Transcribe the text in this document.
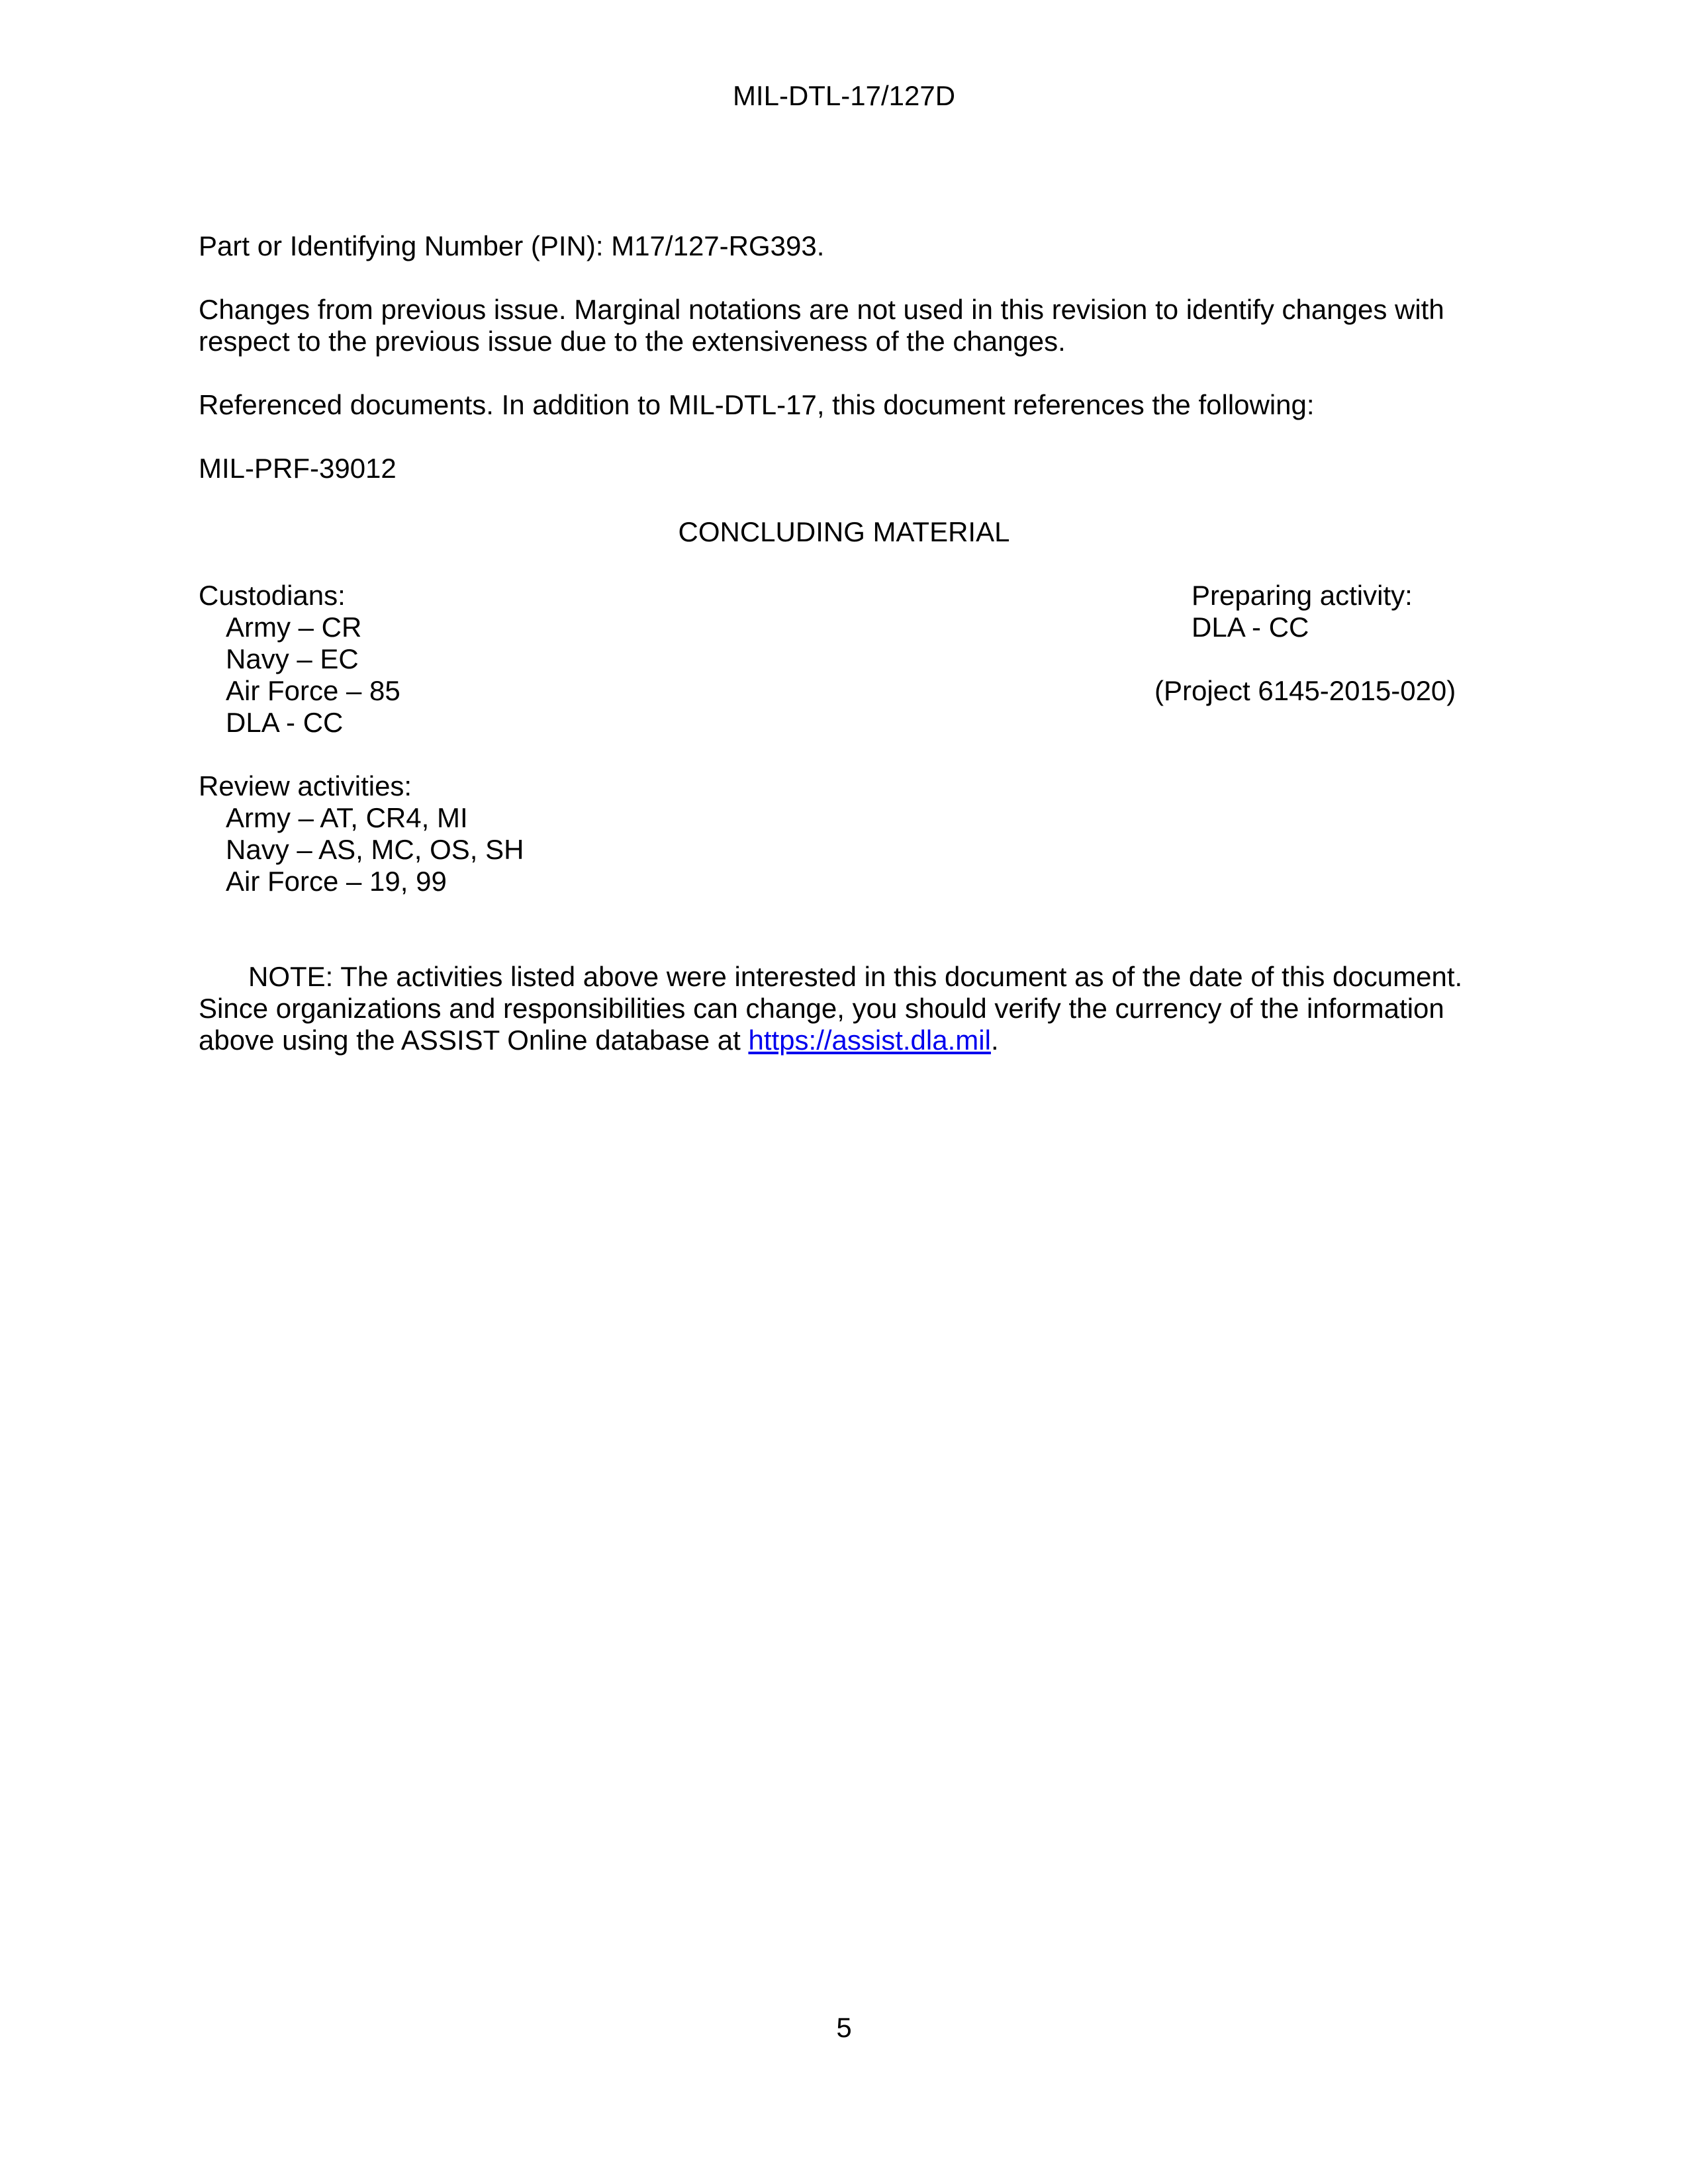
MIL-DTL-17/127D
Part or Identifying Number (PIN): M17/127-RG393.
Changes from previous issue. Marginal notations are not used in this revision to identify changes with
respect to the previous issue due to the extensiveness of the changes.
Referenced documents. In addition to MIL-DTL-17, this document references the following:
MIL-PRF-39012
CONCLUDING MATERIAL
Custodians:
Army – CR
Navy – EC
Air Force – 85
DLA - CC
Preparing activity:
DLA - CC
(Project 6145-2015-020)
Review activities:
Army – AT, CR4, MI
Navy – AS, MC, OS, SH
Air Force – 19, 99
NOTE: The activities listed above were interested in this document as of the date of this document.
Since organizations and responsibilities can change, you should verify the currency of the information
above using the ASSIST Online database at https://assist.dla.mil.
5
